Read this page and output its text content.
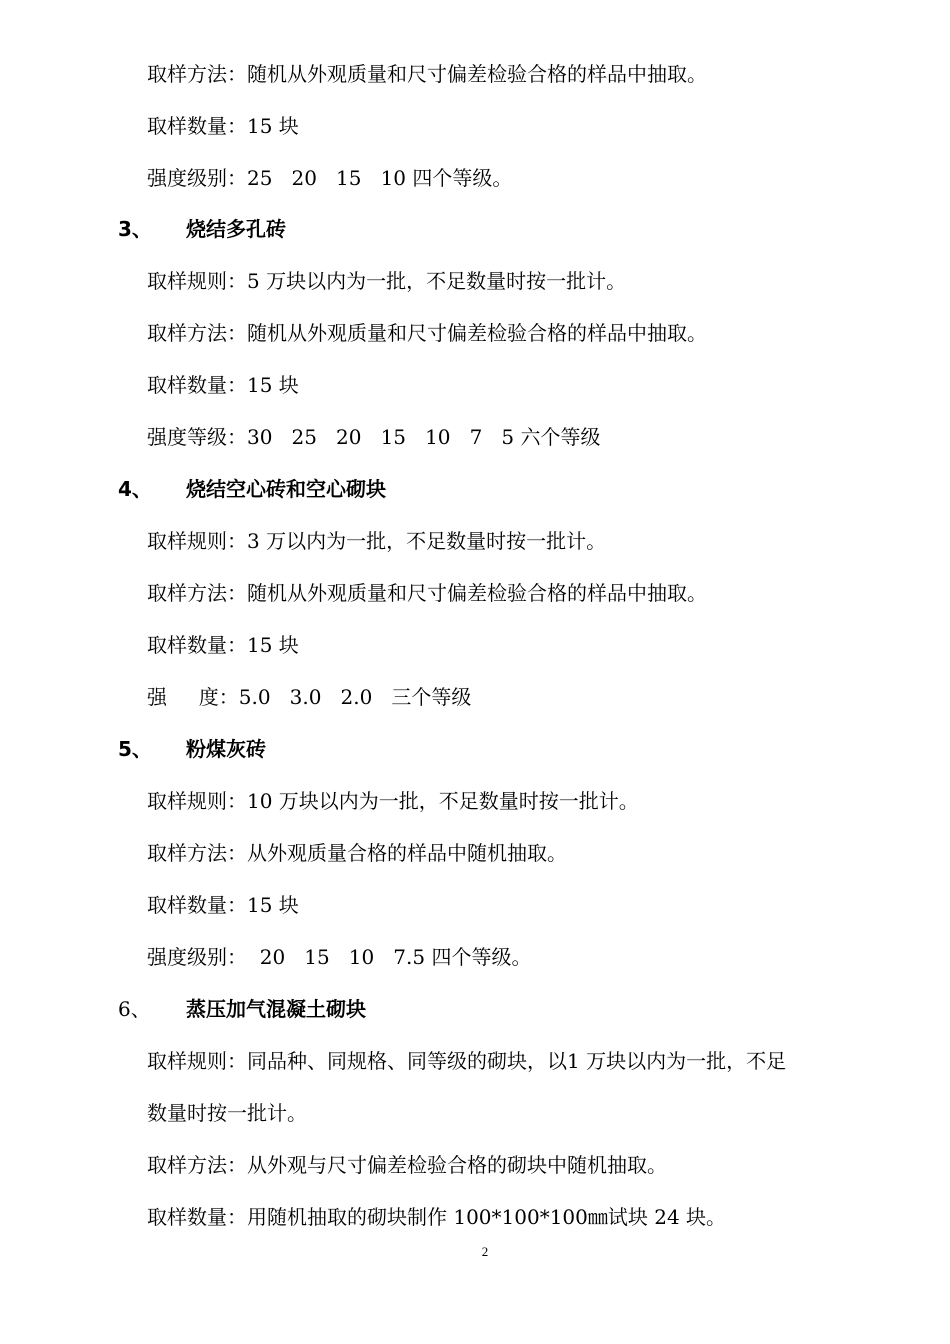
取样方法：随机从外观质量和尺寸偏差检验合格的样品中抽取。
取样数量：15 块
强度级别：25   20   15   10 四个等级。
3、 烧结多孔砖
取样规则：5 万块以内为一批，不足数量时按一批计。
取样方法：随机从外观质量和尺寸偏差检验合格的样品中抽取。
取样数量：15 块
强度等级：30   25   20   15   10   7   5 六个等级
4、 烧结空心砖和空心砌块
取样规则：3 万以内为一批，不足数量时按一批计。
取样方法：随机从外观质量和尺寸偏差检验合格的样品中抽取。
取样数量：15 块
强     度：5.0   3.0   2.0   三个等级
5、 粉煤灰砖
取样规则：10 万块以内为一批，不足数量时按一批计。
取样方法：从外观质量合格的样品中随机抽取。
取样数量：15 块
强度级别：  20   15   10   7.5 四个等级。
6、 蒸压加气混凝土砌块
取样规则：同品种、同规格、同等级的砌块，以1 万块以内为一批，不足
数量时按一批计。
取样方法：从外观与尺寸偏差检验合格的砌块中随机抽取。
取样数量：用随机抽取的砌块制作 100*100*100㎜试块 24 块。
2
